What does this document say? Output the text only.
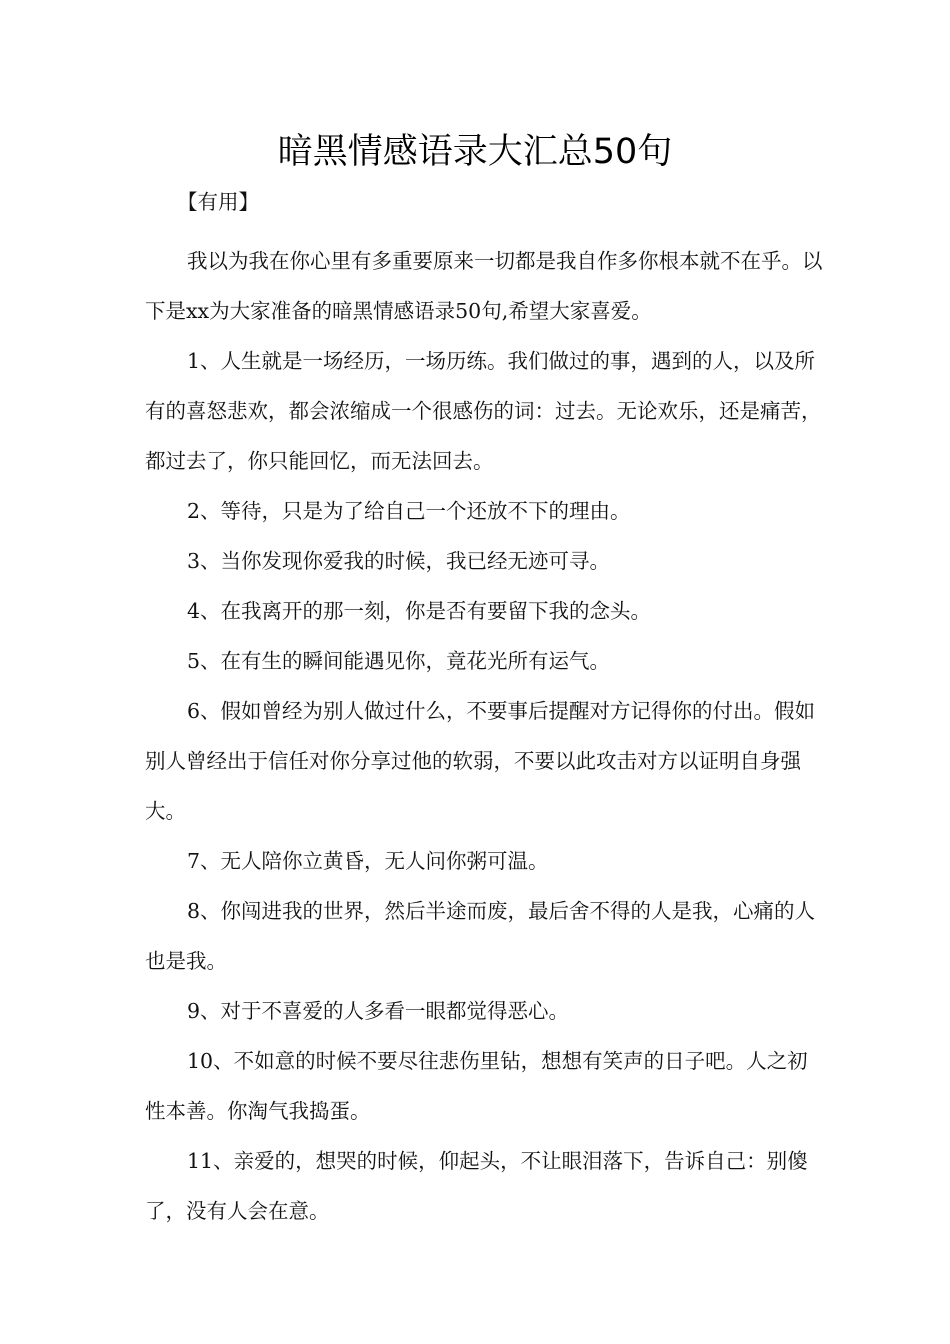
暗黑情感语录大汇总50句

【有用】

我以为我在你心里有多重要原来一切都是我自作多你根本就不在乎。以下是xx为大家准备的暗黑情感语录50句,希望大家喜爱。

1、人生就是一场经历，一场历练。我们做过的事，遇到的人，以及所有的喜怒悲欢，都会浓缩成一个很感伤的词：过去。无论欢乐，还是痛苦，都过去了，你只能回忆，而无法回去。

2、等待，只是为了给自己一个还放不下的理由。

3、当你发现你爱我的时候，我已经无迹可寻。

4、在我离开的那一刻，你是否有要留下我的念头。

5、在有生的瞬间能遇见你，竟花光所有运气。

6、假如曾经为别人做过什么，不要事后提醒对方记得你的付出。假如别人曾经出于信任对你分享过他的软弱，不要以此攻击对方以证明自身强大。

7、无人陪你立黄昏，无人问你粥可温。

8、你闯进我的世界，然后半途而废，最后舍不得的人是我，心痛的人也是我。

9、对于不喜爱的人多看一眼都觉得恶心。

10、不如意的时候不要尽往悲伤里钻，想想有笑声的日子吧。人之初性本善。你淘气我捣蛋。

11、亲爱的，想哭的时候，仰起头，不让眼泪落下，告诉自己：别傻了，没有人会在意。
